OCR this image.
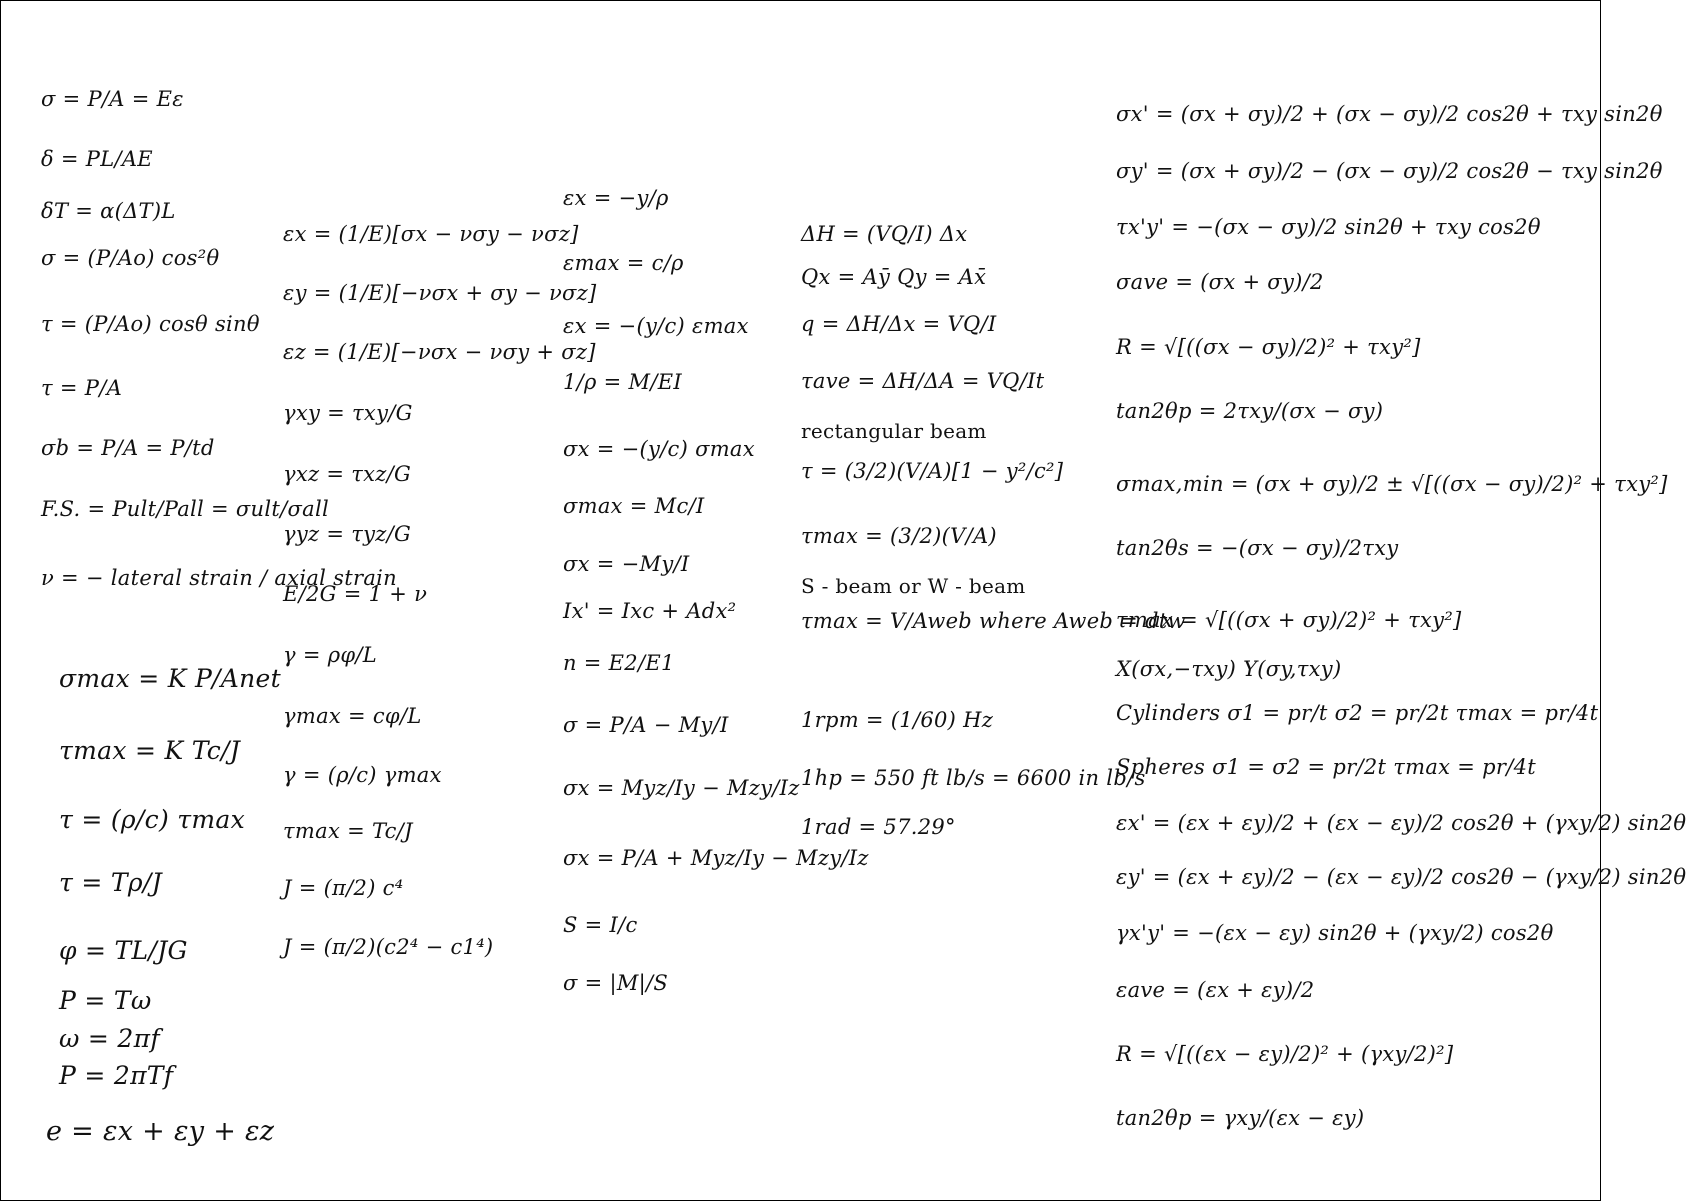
σ = P/A = Eε
δ = PL/AE
δT = α(ΔT)L
σ = (P/Ao) cos²θ
τ = (P/Ao) cosθ sinθ
τ = P/A
σb = P/A = P/td
F.S. = Pult/Pall = σult/σall
ν = − lateral strain / axial strain
σmax = K P/Anet
τmax = K Tc/J
τ = (ρ/c) τmax
τ = Tρ/J
φ = TL/JG
P = Tω
ω = 2πf
P = 2πTf
e = εx + εy + εz
εx = (1/E)[σx − νσy − νσz]
εy = (1/E)[−νσx + σy − νσz]
εz = (1/E)[−νσx − νσy + σz]
γxy = τxy/G
γxz = τxz/G
γyz = τyz/G
E/2G = 1 + ν
γ = ρφ/L
γmax = cφ/L
γ = (ρ/c) γmax
τmax = Tc/J
J = (π/2) c⁴
J = (π/2)(c2⁴ − c1⁴)
εx = −y/ρ
εmax = c/ρ
εx = −(y/c) εmax
1/ρ = M/EI
σx = −(y/c) σmax
σmax = Mc/I
σx = −My/I
Ix' = Ixc + Adx²
n = E2/E1
σ = P/A − My/I
σx = Myz/Iy − Mzy/Iz
σx = P/A + Myz/Iy − Mzy/Iz
S = I/c
σ = |M|/S
ΔH = (VQ/I) Δx
Qx = Aȳ Qy = Ax̄
q = ΔH/Δx = VQ/I
τave = ΔH/ΔA = VQ/It
rectangular beam
τ = (3/2)(V/A)[1 − y²/c²]
τmax = (3/2)(V/A)
S - beam or W - beam
τmax = V/Aweb where Aweb = dtw
1rpm = (1/60) Hz
1hp = 550 ft lb/s = 6600 in lb/s
1rad = 57.29°
σx' = (σx + σy)/2 + (σx − σy)/2 cos2θ + τxy sin2θ
σy' = (σx + σy)/2 − (σx − σy)/2 cos2θ − τxy sin2θ
τx'y' = −(σx − σy)/2 sin2θ + τxy cos2θ
σave = (σx + σy)/2
R = √[((σx − σy)/2)² + τxy²]
tan2θp = 2τxy/(σx − σy)
σmax,min = (σx + σy)/2 ± √[((σx − σy)/2)² + τxy²]
tan2θs = −(σx − σy)/2τxy
τmax = √[((σx + σy)/2)² + τxy²]
X(σx,−τxy) Y(σy,τxy)
Cylinders σ1 = pr/t σ2 = pr/2t τmax = pr/4t
Spheres σ1 = σ2 = pr/2t τmax = pr/4t
εx' = (εx + εy)/2 + (εx − εy)/2 cos2θ + (γxy/2) sin2θ
εy' = (εx + εy)/2 − (εx − εy)/2 cos2θ − (γxy/2) sin2θ
γx'y' = −(εx − εy) sin2θ + (γxy/2) cos2θ
εave = (εx + εy)/2
R = √[((εx − εy)/2)² + (γxy/2)²]
tan2θp = γxy/(εx − εy)
